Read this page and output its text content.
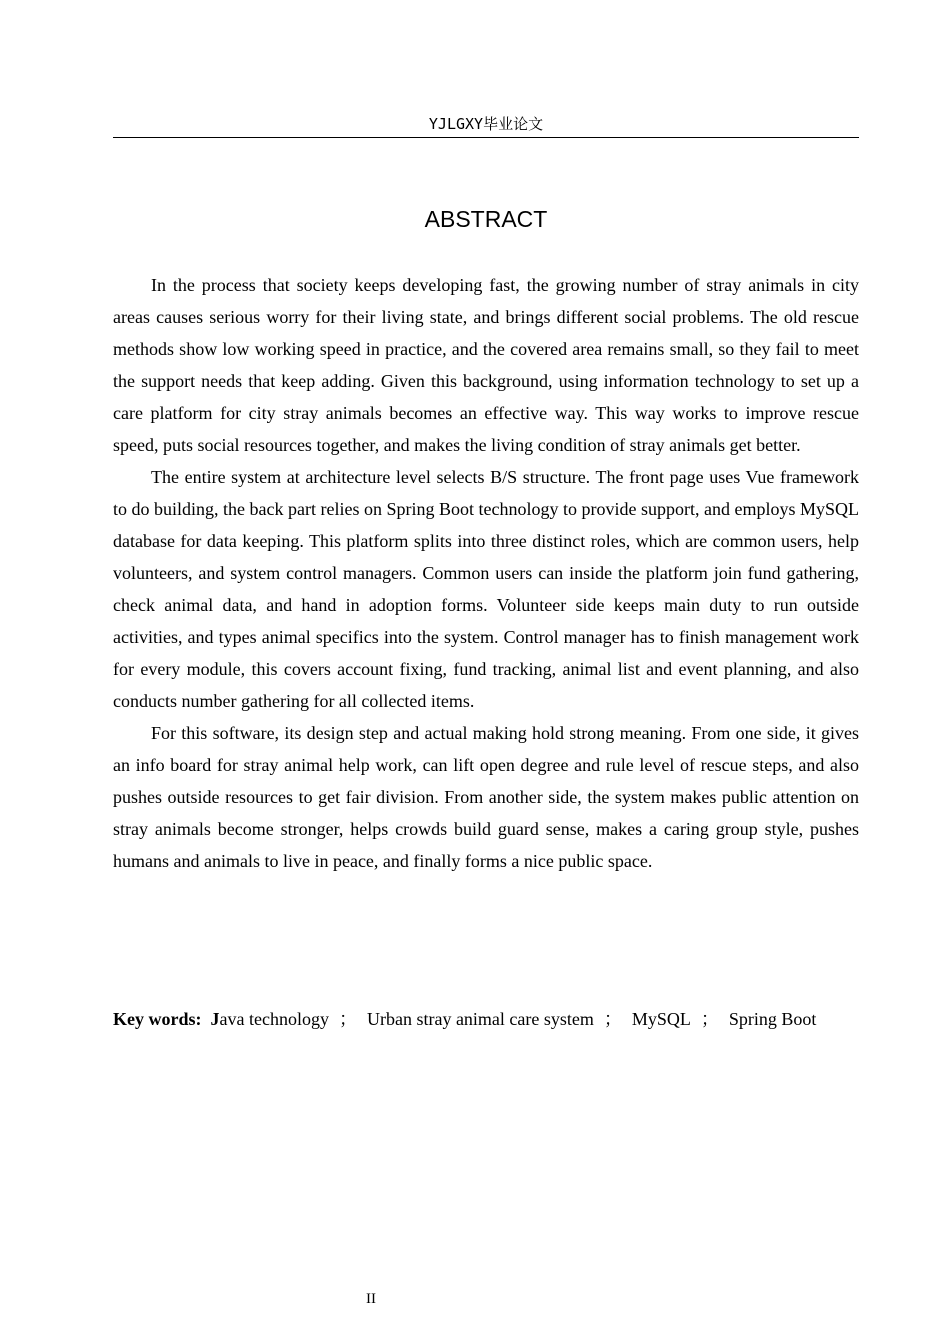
YJLGXY毕业论文
ABSTRACT

In the process that society keeps developing fast, the growing number of stray animals in city areas causes serious worry for their living state, and brings different social problems. The old rescue methods show low working speed in practice, and the covered area remains small, so they fail to meet the support needs that keep adding. Given this background, using information technology to set up a care platform for city stray animals becomes an effective way. This way works to improve rescue speed, puts social resources together, and makes the living condition of stray animals get better.

The entire system at architecture level selects B/S structure. The front page uses Vue framework to do building, the back part relies on Spring Boot technology to provide support, and employs MySQL database for data keeping. This platform splits into three distinct roles, which are common users, help volunteers, and system control managers. Common users can inside the platform join fund gathering, check animal data, and hand in adoption forms. Volunteer side keeps main duty to run outside activities, and types animal specifics into the system. Control manager has to finish management work for every module, this covers account fixing, fund tracking, animal list and event planning, and also conducts number gathering for all collected items.

For this software, its design step and actual making hold strong meaning. From one side, it gives an info board for stray animal help work, can lift open degree and rule level of rescue steps, and also pushes outside resources to get fair division. From another side, the system makes public attention on stray animals become stronger, helps crowds build guard sense, makes a caring group style, pushes humans and animals to live in peace, and finally forms a nice public space.

Key words: Java technology ； Urban stray animal care system ； MySQL ； Spring Boot
II
